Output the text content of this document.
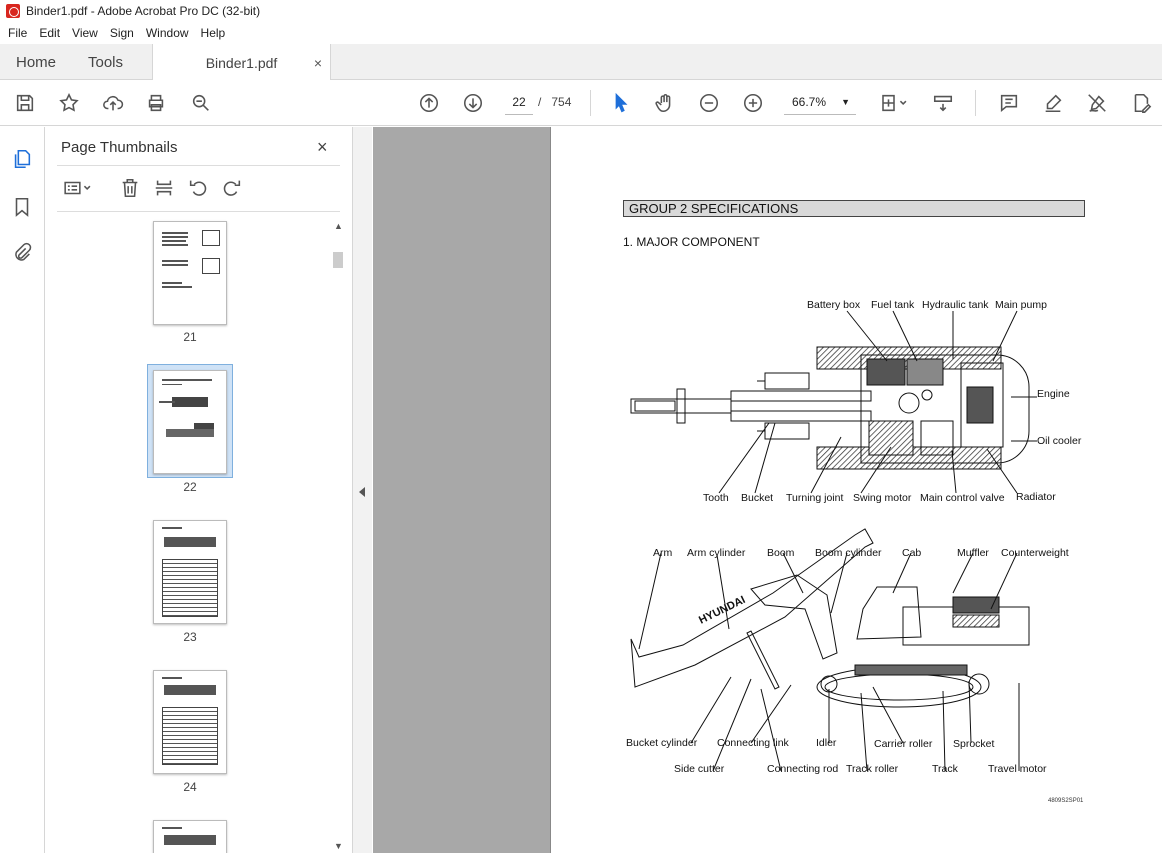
Binder1.pdf - Adobe Acrobat Pro DC (32-bit)
File	Edit	View	Sign	Window	Help
Home Tools	Binder1.pdf	×
22	/ 754	66.7% ▼
Page Thumbnails	×
21
22
23
24
▲
▼
GROUP 2 SPECIFICATIONS
1. MAJOR COMPONENT
HYUNDAI
Battery box Fuel tank Hydraulic tank Main pump
Engine
Oil cooler
Tooth Bucket Turning joint Swing motor Main control valve Radiator
Arm Arm cylinder Boom Boom cylinder Cab	Muffler Counterweight
Bucket cylinder Connecting link	Idler	Carrier roller Sprocket
Side cutter	Connecting rod Track roller	Track	Travel motor
4809S2SP01
